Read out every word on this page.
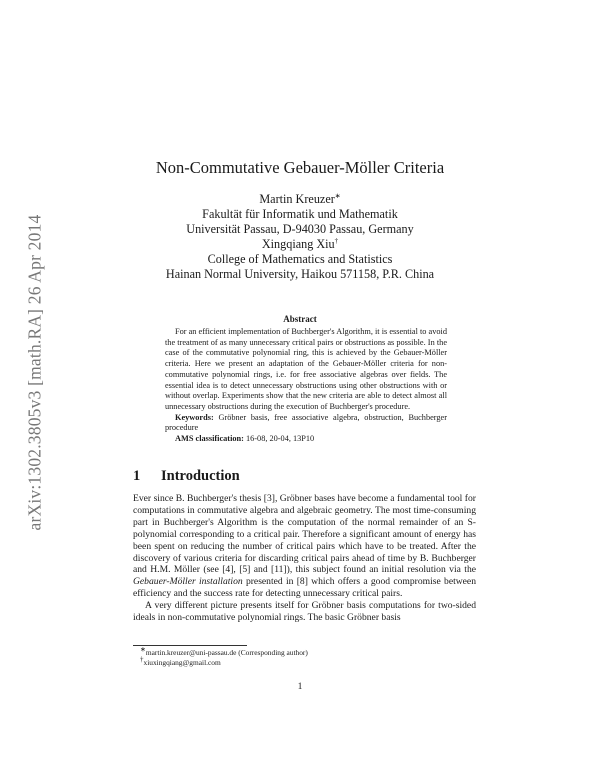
arXiv:1302.3805v3 [math.RA] 26 Apr 2014
Non-Commutative Gebauer-Möller Criteria
Martin Kreuzer∗
Fakultät für Informatik und Mathematik
Universität Passau, D-94030 Passau, Germany
Xingqiang Xiu†
College of Mathematics and Statistics
Hainan Normal University, Haikou 571158, P.R. China
Abstract

For an efficient implementation of Buchberger's Algorithm, it is essential to avoid the treatment of as many unnecessary critical pairs or obstructions as possible. In the case of the commutative polynomial ring, this is achieved by the Gebauer-Möller criteria. Here we present an adaptation of the Gebauer-Möller criteria for non-commutative polynomial rings, i.e. for free associative algebras over fields. The essential idea is to detect unnecessary obstructions using other obstructions with or without overlap. Experiments show that the new criteria are able to detect almost all unnecessary obstructions during the execution of Buchberger's procedure.

Keywords: Gröbner basis, free associative algebra, obstruction, Buchberger procedure

AMS classification: 16-08, 20-04, 13P10

1 Introduction

Ever since B. Buchberger's thesis [3], Gröbner bases have become a fundamental tool for computations in commutative algebra and algebraic geometry. The most time-consuming part in Buchberger's Algorithm is the computation of the normal remainder of an S-polynomial corresponding to a critical pair. Therefore a significant amount of energy has been spent on reducing the number of critical pairs which have to be treated. After the discovery of various criteria for discarding critical pairs ahead of time by B. Buchberger and H.M. Möller (see [4], [5] and [11]), this subject found an initial resolution via the Gebauer-Möller installation presented in [8] which offers a good compromise between efficiency and the success rate for detecting unnecessary critical pairs.

A very different picture presents itself for Gröbner basis computations for two-sided ideals in non-commutative polynomial rings. The basic Gröbner basis

∗martin.kreuzer@uni-passau.de (Corresponding author)
†xiuxingqiang@gmail.com
1
